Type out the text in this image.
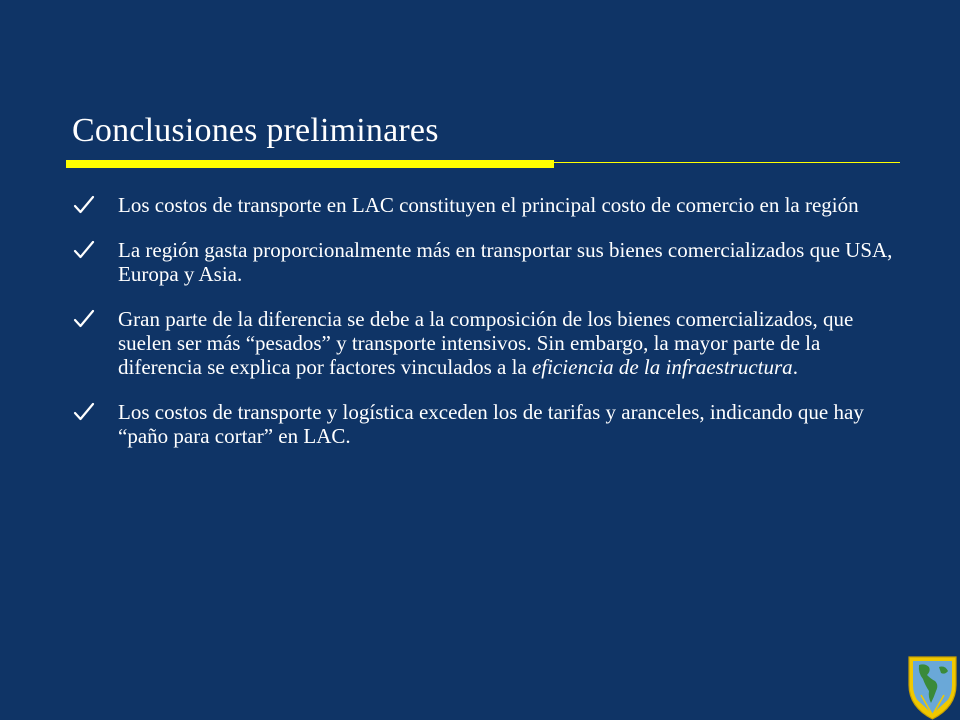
Conclusiones preliminares
Los costos de transporte en LAC constituyen el principal costo de comercio en la región
La región gasta proporcionalmente más en transportar sus bienes comercializados que USA, Europa y Asia.
Gran parte de la diferencia se debe a la composición de los bienes comercializados, que suelen ser más “pesados” y transporte intensivos. Sin embargo, la mayor parte de la diferencia se explica por factores vinculados a la eficiencia de la infraestructura.
Los costos de transporte y logística exceden los de tarifas y aranceles, indicando que hay “paño para cortar” en LAC.
